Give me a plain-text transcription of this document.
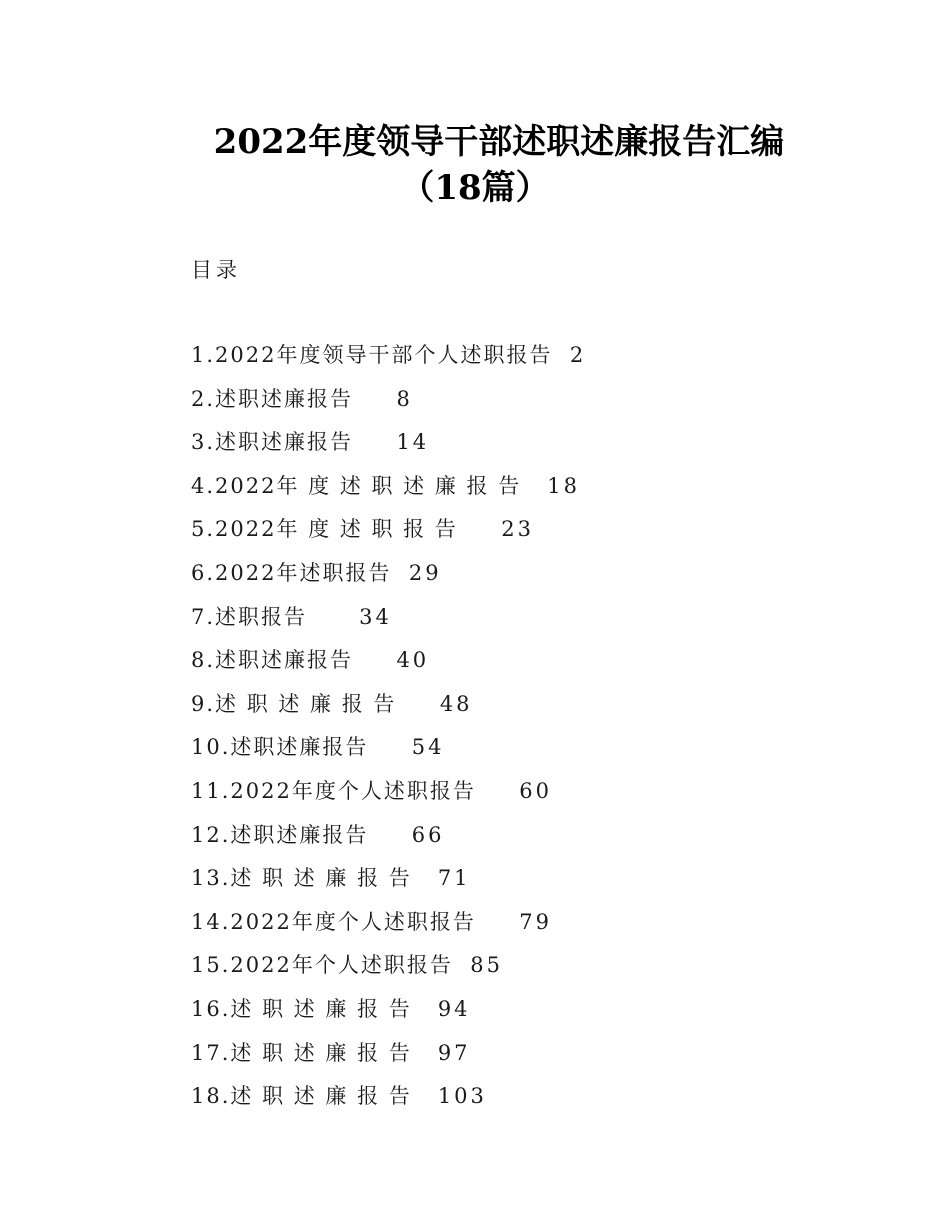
2022年度领导干部述职述廉报告汇编
（18篇）
目录
1.2022年度领导干部个人述职报告 2
2.述职述廉报告 8
3.述职述廉报告 14
4.2022年 度 述 职 述 廉 报 告 18
5.2022年 度 述 职 报 告 23
6.2022年述职报告 29
7.述职报告 34
8.述职述廉报告 40
9.述 职 述 廉 报 告 48
10.述职述廉报告 54
11.2022年度个人述职报告 60
12.述职述廉报告 66
13.述 职 述 廉 报 告 71
14.2022年度个人述职报告 79
15.2022年个人述职报告 85
16.述 职 述 廉 报 告 94
17.述 职 述 廉 报 告 97
18.述 职 述 廉 报 告 103
